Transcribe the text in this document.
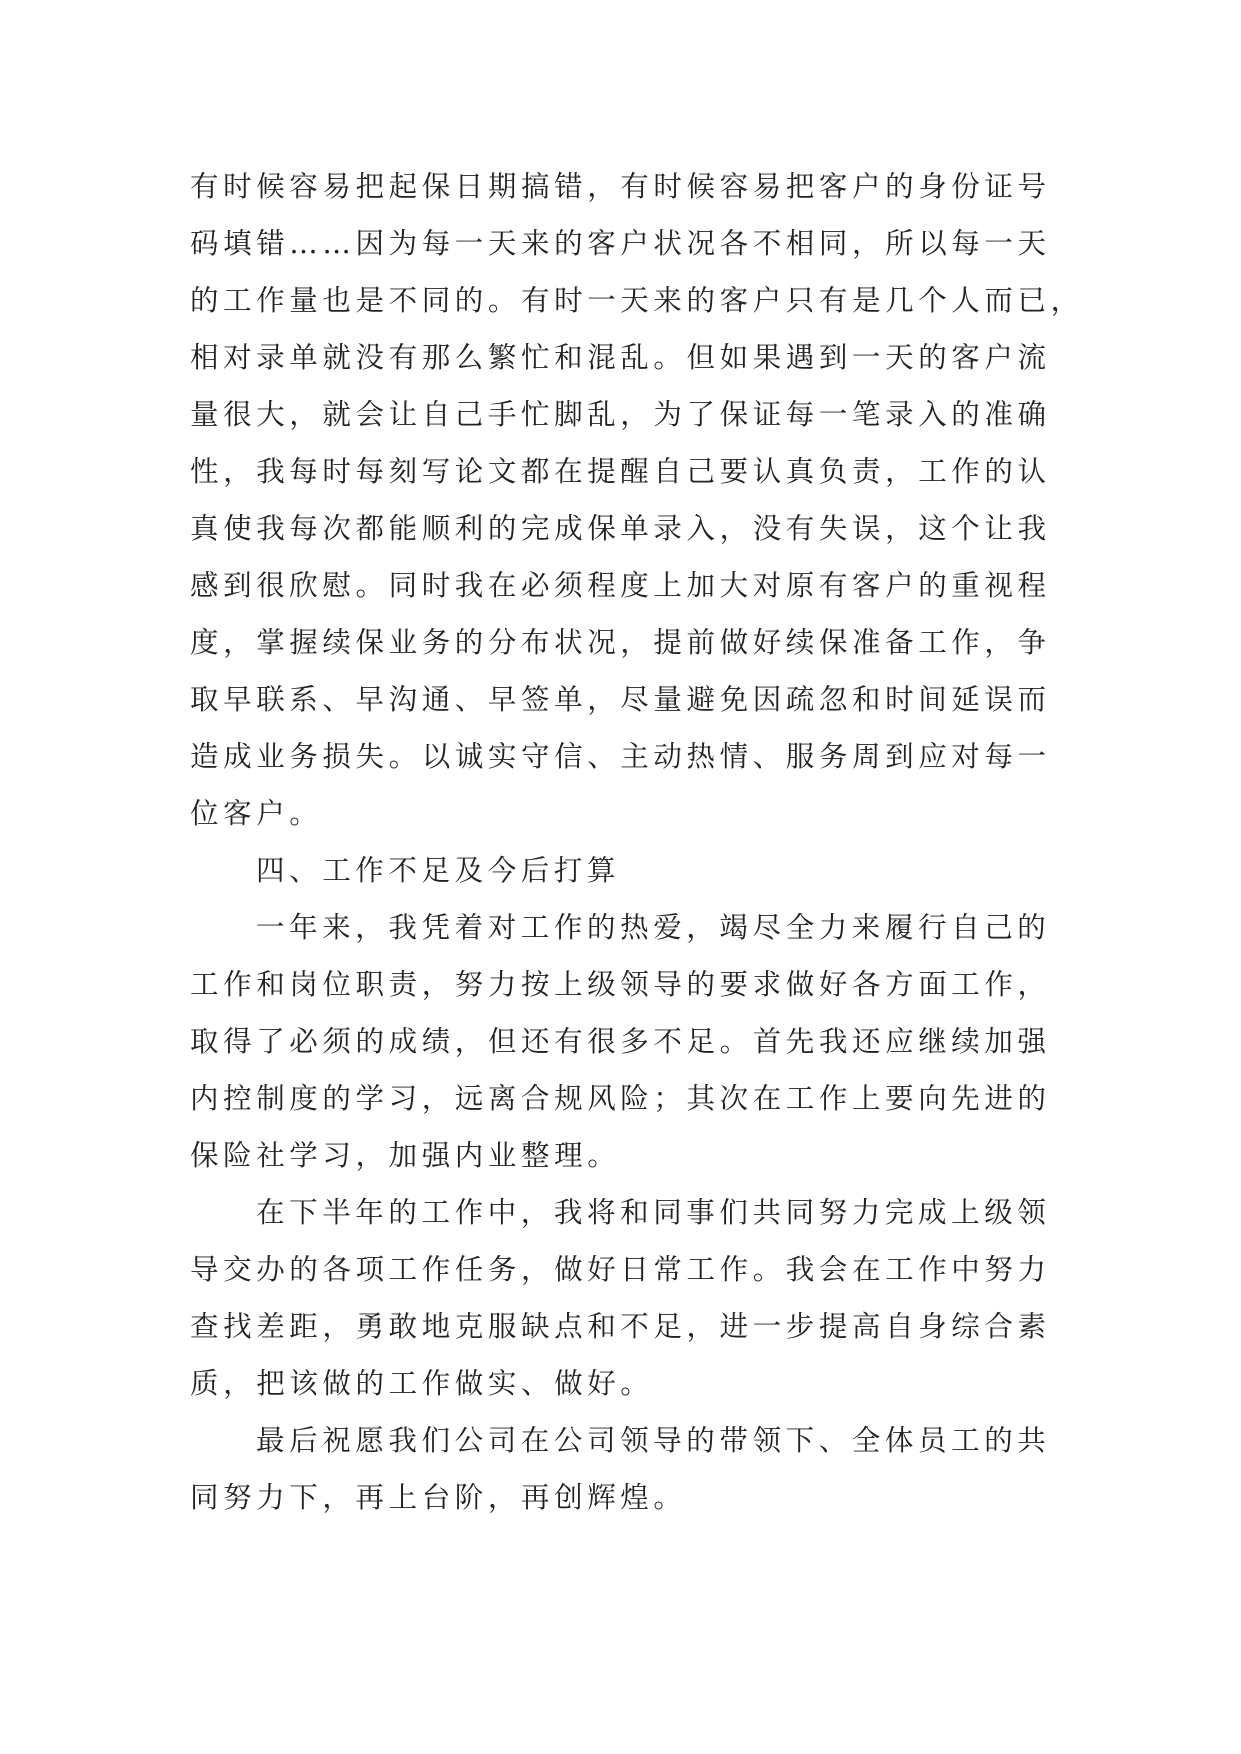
有时候容易把起保日期搞错，有时候容易把客户的身份证号
码填错……因为每一天来的客户状况各不相同，所以每一天
的工作量也是不同的。有时一天来的客户只有是几个人而已，
相对录单就没有那么繁忙和混乱。但如果遇到一天的客户流
量很大，就会让自己手忙脚乱，为了保证每一笔录入的准确
性，我每时每刻写论文都在提醒自己要认真负责，工作的认
真使我每次都能顺利的完成保单录入，没有失误，这个让我
感到很欣慰。同时我在必须程度上加大对原有客户的重视程
度，掌握续保业务的分布状况，提前做好续保准备工作，争
取早联系、早沟通、早签单，尽量避免因疏忽和时间延误而
造成业务损失。以诚实守信、主动热情、服务周到应对每一
位客户。
四、工作不足及今后打算
一年来，我凭着对工作的热爱，竭尽全力来履行自己的
工作和岗位职责，努力按上级领导的要求做好各方面工作，
取得了必须的成绩，但还有很多不足。首先我还应继续加强
内控制度的学习，远离合规风险；其次在工作上要向先进的
保险社学习，加强内业整理。
在下半年的工作中，我将和同事们共同努力完成上级领
导交办的各项工作任务，做好日常工作。我会在工作中努力
查找差距，勇敢地克服缺点和不足，进一步提高自身综合素
质，把该做的工作做实、做好。
最后祝愿我们公司在公司领导的带领下、全体员工的共
同努力下，再上台阶，再创辉煌。
